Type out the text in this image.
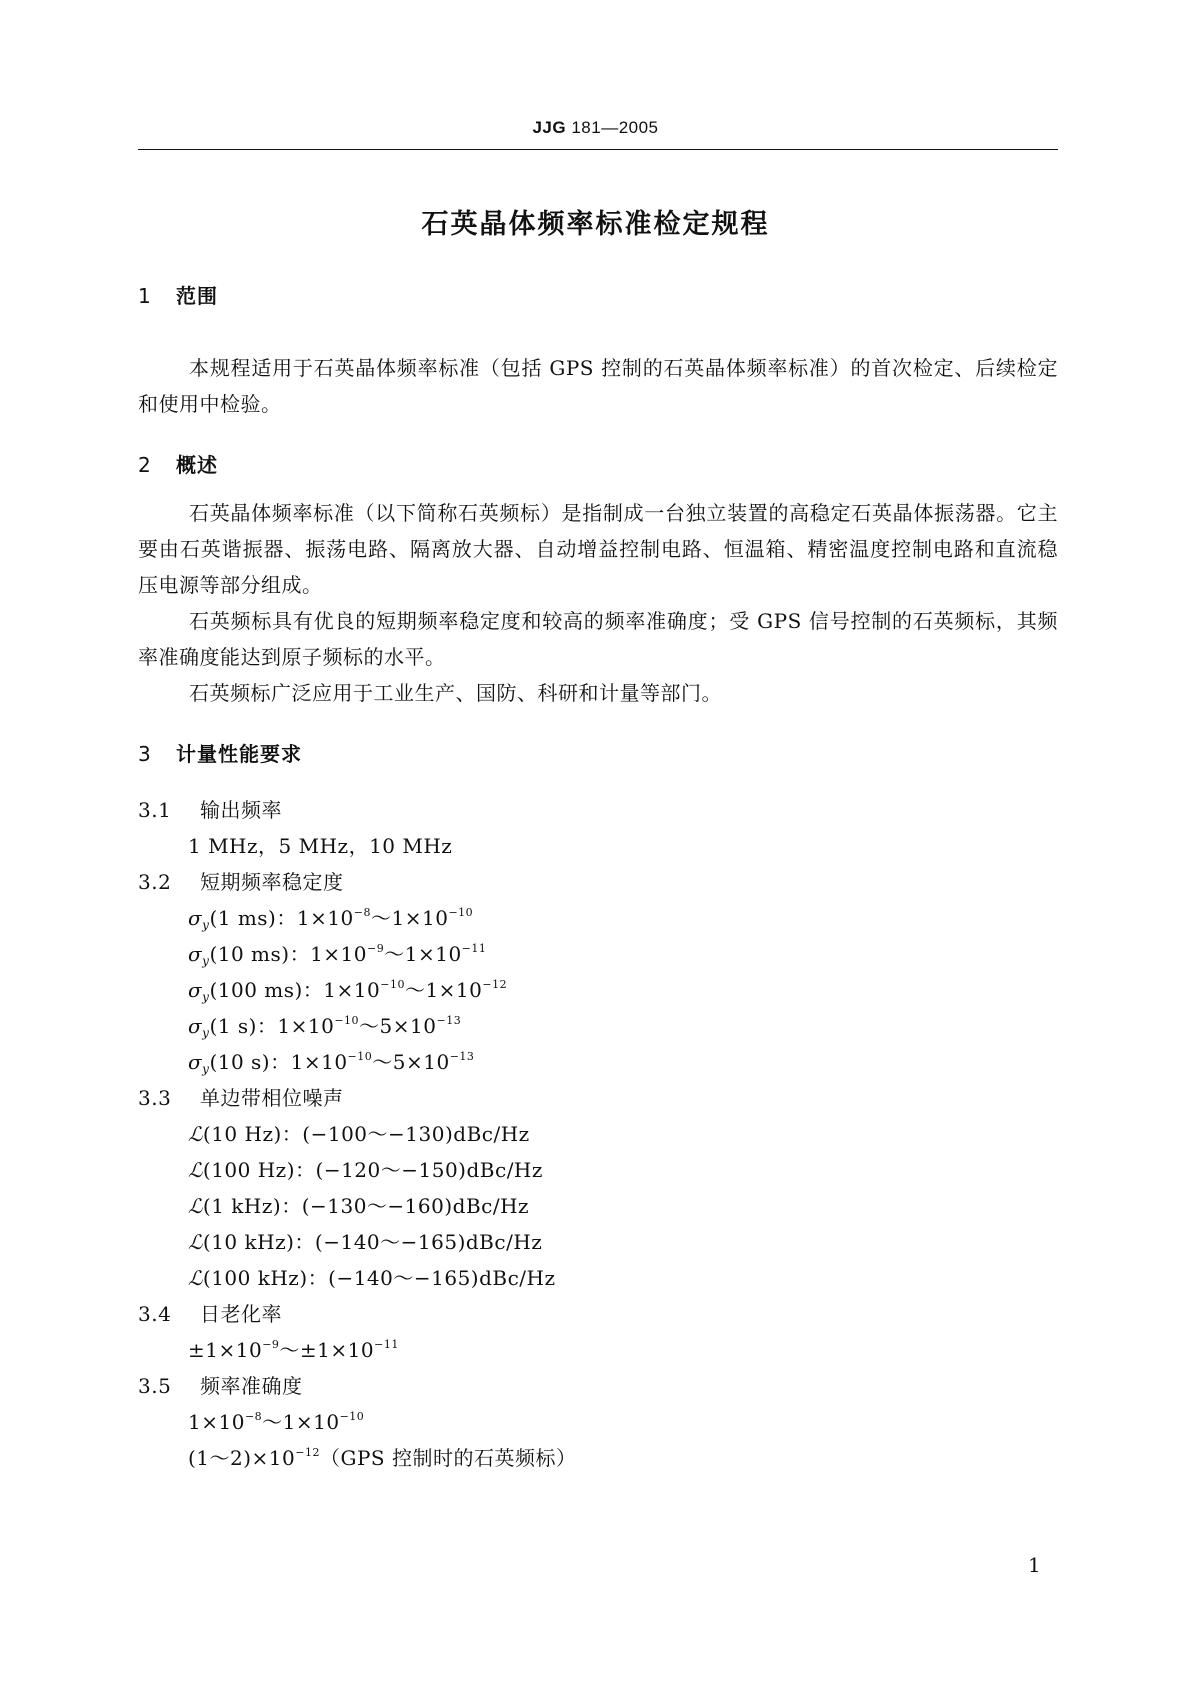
JJG 181—2005
石英晶体频率标准检定规程
1 范围
本规程适用于石英晶体频率标准（包括 GPS 控制的石英晶体频率标准）的首次检定、后续检定和使用中检验。
2 概述
石英晶体频率标准（以下简称石英频标）是指制成一台独立装置的高稳定石英晶体振荡器。它主要由石英谐振器、振荡电路、隔离放大器、自动增益控制电路、恒温箱、精密温度控制电路和直流稳压电源等部分组成。
石英频标具有优良的短期频率稳定度和较高的频率准确度；受 GPS 信号控制的石英频标，其频率准确度能达到原子频标的水平。
石英频标广泛应用于工业生产、国防、科研和计量等部门。
3 计量性能要求
3.1 输出频率
1 MHz，5 MHz，10 MHz
3.2 短期频率稳定度
$\sigma_y(1$ ms)：$1\times 10^{-8}\sim 1\times 10^{-10}$
$\sigma_y(10$ ms)：$1\times 10^{-9}\sim 1\times 10^{-11}$
$\sigma_y(100$ ms)：$1\times 10^{-10}\sim 1\times 10^{-12}$
$\sigma_y(1$ s)：$1\times 10^{-10}\sim 5\times 10^{-13}$
$\sigma_y(10$ s)：$1\times 10^{-10}\sim 5\times 10^{-13}$
3.3 单边带相位噪声
ℒ(10 Hz)：(−100～−130)dBc/Hz
ℒ(100 Hz)：(−120～−150)dBc/Hz
ℒ(1 kHz)：(−130～−160)dBc/Hz
ℒ(10 kHz)：(−140～−165)dBc/Hz
ℒ(100 kHz)：(−140～−165)dBc/Hz
3.4 日老化率
$\pm 1\times 10^{-9}\sim\pm 1\times 10^{-11}$
3.5 频率准确度
$1\times 10^{-8}\sim 1\times 10^{-10}$
$(1\sim 2)\times 10^{-12}(GPS$ 控制时的石英频标）
1
